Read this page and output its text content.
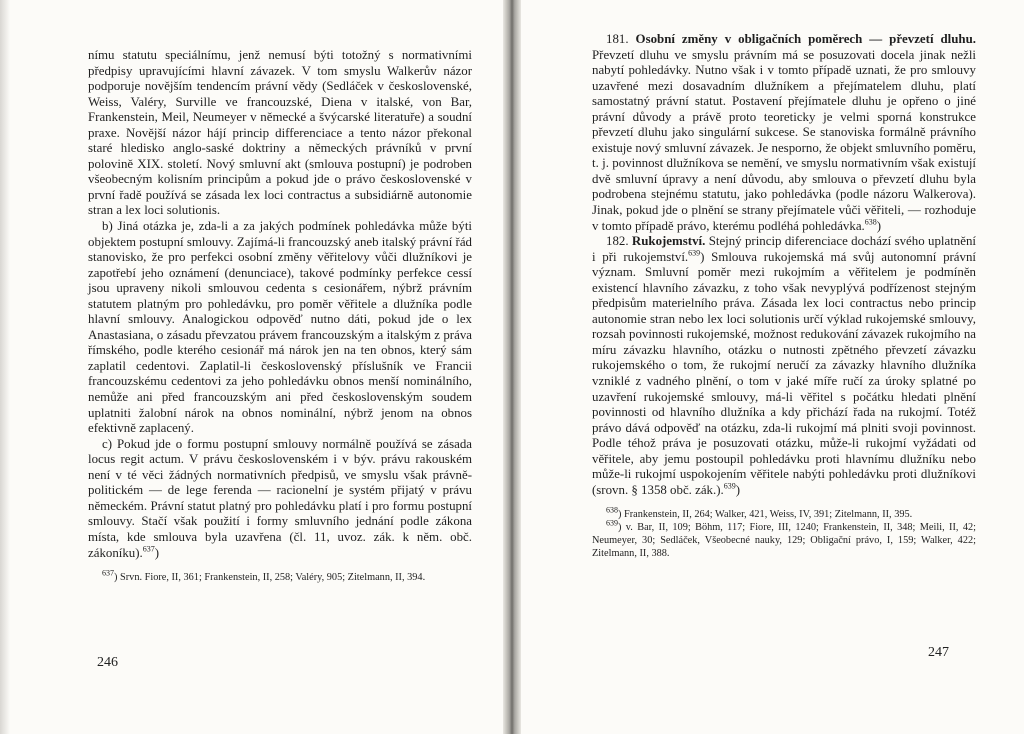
nímu statutu speciálnímu, jenž nemusí býti totožný s normativními předpisy upravujícími hlavní závazek. V tom smyslu Walkerův názor podporuje novějším tendencím právní vědy (Sedláček v československé, Weiss, Valéry, Surville ve francouzské, Diena v italské, von Bar, Frankenstein, Meil, Neumeyer v německé a švýcarské literatuře) a soudní praxe. Novější názor hájí princip differenciace a tento názor překonal staré hledisko anglo-saské doktriny a německých právníků v první polovině XIX. století. Nový smluvní akt (smlouva postupní) je podroben všeobecným kolisním principům a pokud jde o právo československé v první řadě používá se zásada lex loci contractus a subsidiárně autonomie stran a lex loci solutionis.

b) Jiná otázka je, zda-li a za jakých podmínek pohledávka může býti objektem postupní smlouvy. Zajímá-li francouzský aneb italský právní řád stanovisko, že pro perfekci osobní změny věřitelovy vůči dlužníkovi je zapotřebí jeho oznámení (denunciace), takové podmínky perfekce cessí jsou upraveny nikoli smlouvou cedenta s cesionářem, nýbrž právním statutem platným pro pohledávku, pro poměr věřitele a dlužníka podle hlavní smlouvy. Analogickou odpověď nutno dáti, pokud jde o lex Anastasiana, o zásadu převzatou právem francouzským a italským z práva římského, podle kterého cesionář má nárok jen na ten obnos, který sám zaplatil cedentovi. Zaplatil-li československý příslušník ve Francii francouzskému cedentovi za jeho pohledávku obnos menší nominálního, nemůže ani před francouzským ani před československým soudem uplatniti žalobní nárok na obnos nominální, nýbrž jenom na obnos efektivně zaplacený.

c) Pokud jde o formu postupní smlouvy normálně používá se zásada locus regit actum. V právu československém i v býv. právu rakouském není v té věci žádných normativních předpisů, ve smyslu však právně-politickém — de lege ferenda — racionelní je systém přijatý v právu německém. Právní statut platný pro pohledávku platí i pro formu postupní smlouvy. Stačí však použití i formy smluvního jednání podle zákona místa, kde smlouva byla uzavřena (čl. 11, uvoz. zák. k něm. obč. zákoníku).$^{637}$)

$^{637}$) Srvn. Fiore, II, 361; Frankenstein, II, 258; Valéry, 905; Zitelmann, II, 394.
246

181. Osobní změny v obligačních poměrech — převzetí dluhu. Převzetí dluhu ve smyslu právním má se posuzovati docela jinak nežli nabytí pohledávky. Nutno však i v tomto případě uznati, že pro smlouvy uzavřené mezi dosavadním dlužníkem a přejímatelem dluhu, platí samostatný právní statut. Postavení přejímatele dluhu je opřeno o jiné právní důvody a právě proto teoreticky je velmi sporná konstrukce převzetí dluhu jako singulární sukcese. Se stanoviska formálně právního existuje nový smluvní závazek. Je nesporno, že objekt smluvního poměru, t. j. povinnost dlužníkova se nemění, ve smyslu normativním však existují dvě smluvní úpravy a není důvodu, aby smlouva o převzetí dluhu byla podrobena stejnému statutu, jako pohledávka (podle názoru Walkerova). Jinak, pokud jde o plnění se strany přejímatele vůči věřiteli, — rozhoduje v tomto případě právo, kterému podléhá pohledávka.$^{638}$)

182. Rukojemství. Stejný princip diferenciace dochází svého uplatnění i při rukojemství.$^{639}$) Smlouva rukojemská má svůj autonomní právní význam. Smluvní poměr mezi rukojmím a věřitelem je podmíněn existencí hlavního závazku, z toho však nevyplývá podřízenost stejným předpisům materielního práva. Zásada lex loci contractus nebo princip autonomie stran nebo lex loci solutionis určí výklad rukojemské smlouvy, rozsah povinnosti rukojemské, možnost redukování závazek rukojmího na míru závazku hlavního, otázku o nutnosti zpětného převzetí závazku rukojemského o tom, že rukojmí neručí za závazky hlavního dlužníka vzniklé z vadného plnění, o tom v jaké míře ručí za úroky splatné po uzavření rukojemské smlouvy, má-li věřitel s počátku hledati plnění povinnosti od hlavního dlužníka a kdy přichází řada na rukojmí. Totéž právo dává odpověď na otázku, zda-li rukojmí má plniti svoji povinnost. Podle téhož práva je posuzovati otázku, může-li rukojmí vyžádati od věřitele, aby jemu postoupil pohledávku proti hlavnímu dlužníku nebo může-li rukojmí uspokojením věřitele nabýti pohledávku proti dlužníkovi (srovn. § 1358 obč. zák.).$^{639}$)

$^{638}$) Frankenstein, II, 264; Walker, 421, Weiss, IV, 391; Zitelmann, II, 395.
$^{639}$) v. Bar, II, 109; Böhm, 117; Fiore, III, 1240; Frankenstein, II, 348; Meili, II, 42; Neumeyer, 30; Sedláček, Všeobecné nauky, 129; Obligační právo, I, 159; Walker, 422; Zitelmann, II, 388.
247
